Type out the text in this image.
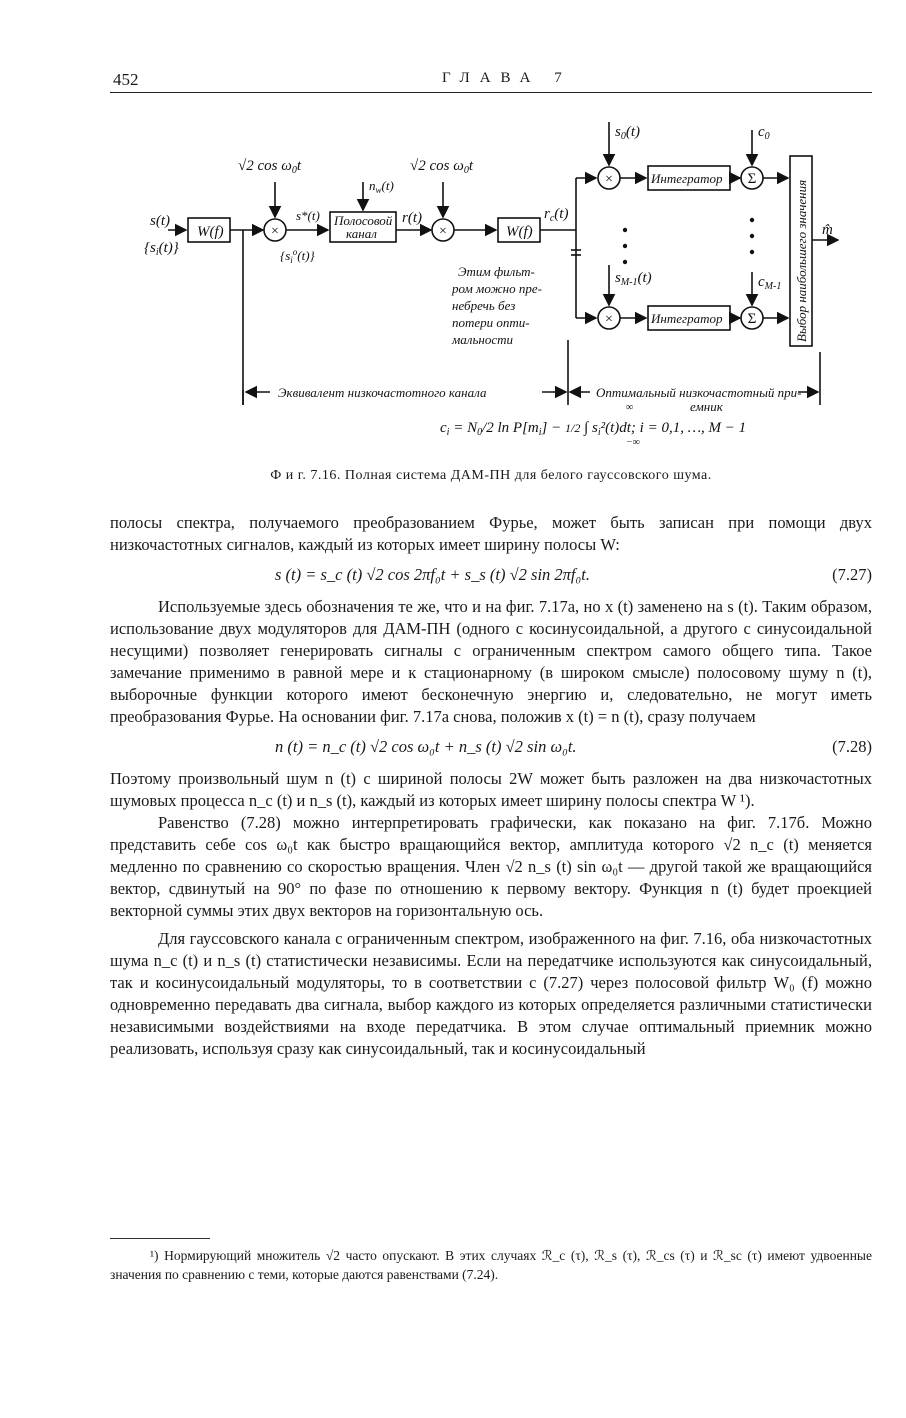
452	ГЛАВА 7
s(t)
$\{s_i(t)\}$
W(f)
√2 $\cos \omega_0t$
$n_w(t)$
s*(t)
$\{s_i^o(t)\}$
Полосовой
канал
r(t)
√2 $\cos \omega_0t$
W(f)
$r_c(t)$
$s_0(t)$	$c_0$
$s_{M-1}(t)$	$c_{M-1}$
Интегратор
Интегратор
Σ
Σ
×	×
×
×	Выбор наибольшего значения m̂
Этим фильт-
ром можно пре-
небречь без
потери опти-
мальности
Эквивалент низкочастотного канала	Оптимальный низкочастотный при-
емник
∞
−∞
$c_i = N_0/2$ $\ln P[m_i] - 1/2$ ∫ $s_i^2(t)dt$; i = 0,1, …, M − 1
Ф и г. 7.16. Полная система ДАМ-ПН для белого гауссовского шума.

полосы спектра, получаемого преобразованием Фурье, может быть записан при помощи двух низкочастотных сигналов, каждый из которых имеет ширину полосы W:

s (t) = s_c (t) √2 cos 2πf₀t + s_s (t) √2 sin 2πf₀t.	(7.27)

Используемые здесь обозначения те же, что и на фиг. 7.17а, но x (t) заменено на s (t). Таким образом, использование двух модуляторов для ДАМ-ПН (одного с косинусоидальной, а другого с синусоидальной несущими) позволяет генерировать сигналы с ограниченным спектром самого общего типа. Такое замечание применимо в равной мере и к стационарному (в широком смысле) полосовому шуму n (t), выборочные функции которого имеют бесконечную энергию и, следовательно, не могут иметь преобразования Фурье. На основании фиг. 7.17а снова, положив x (t) = n (t), сразу получаем

n (t) = n_c (t) √2 cos ω₀t + n_s (t) √2 sin ω₀t.	(7.28)

Поэтому произвольный шум n (t) с шириной полосы 2W может быть разложен на два низкочастотных шумовых процесса n_c (t) и n_s (t), каждый из которых имеет ширину полосы спектра W ¹).

Равенство (7.28) можно интерпретировать графически, как показано на фиг. 7.17б. Можно представить себе cos ω₀t как быстро вращающийся вектор, амплитуда которого √2 n_c (t) меняется медленно по сравнению со скоростью вращения. Член √2 n_s (t) sin ω₀t — другой такой же вращающийся вектор, сдвинутый на 90° по фазе по отношению к первому вектору. Функция n (t) будет проекцией векторной суммы этих двух векторов на горизонтальную ось.

Для гауссовского канала с ограниченным спектром, изображенного на фиг. 7.16, оба низкочастотных шума n_c (t) и n_s (t) статистически независимы. Если на передатчике используются как синусоидальный, так и косинусоидальный модуляторы, то в соответствии с (7.27) через полосовой фильтр W₀ (f) можно одновременно передавать два сигнала, выбор каждого из которых определяется различными статистически независимыми воздействиями на входе передатчика. В этом случае оптимальный приемник можно реализовать, используя сразу как синусоидальный, так и косинусоидальный

¹) Нормирующий множитель √2 часто опускают. В этих случаях ℛ_c (τ), ℛ_s (τ), ℛ_cs (τ) и ℛ_sc (τ) имеют удвоенные значения по сравнению с теми, которые даются равенствами (7.24).
